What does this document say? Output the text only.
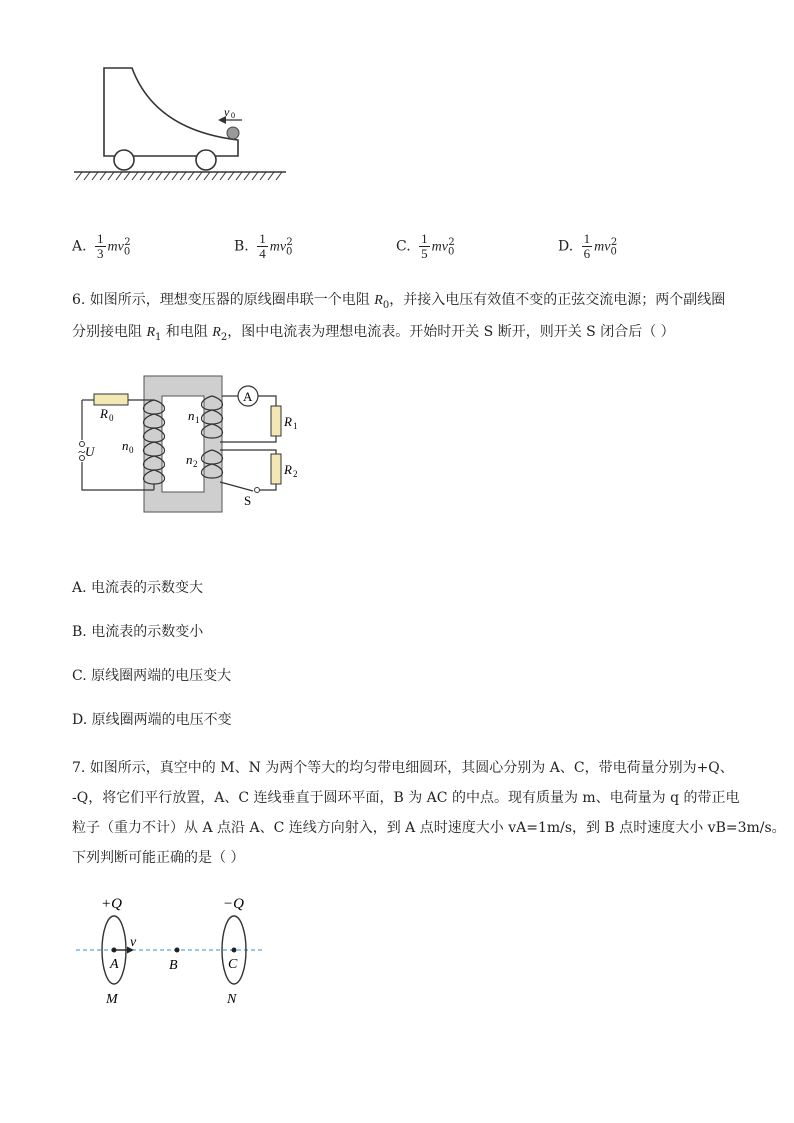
v 0
A. $\frac{1}{3} mv_0^2$	B. $\frac{1}{4} mv_0^2$	C. $\frac{1}{5} mv_0^2$	D. $\frac{1}{6} mv_0^2$
6. 如图所示，理想变压器的原线圈串联一个电阻 $R_0$，并接入电压有效值不变的正弦交流电源；两个副线圈
分别接电阻 $R_1$ 和电阻 $R_2$，图中电流表为理想电流表。开始时开关 S 断开，则开关 S 闭合后（ ）
R 0
~U n 0
n 1
n 2
A
R 1
R 2
S
A. 电流表的示数变大
B. 电流表的示数变小
C. 原线圈两端的电压变大
D. 原线圈两端的电压不变
7. 如图所示，真空中的 M、N 为两个等大的均匀带电细圆环，其圆心分别为 A、C，带电荷量分别为+Q、
-Q，将它们平行放置，A、C 连线垂直于圆环平面，B 为 AC 的中点。现有质量为 m、电荷量为 q 的带正电
粒子（重力不计）从 A 点沿 A、C 连线方向射入，到 A 点时速度大小 vA=1m/s，到 B 点时速度大小 vB=3m/s。
下列判断可能正确的是（ ）
+Q	−Q
v
A	B	C
M	N
